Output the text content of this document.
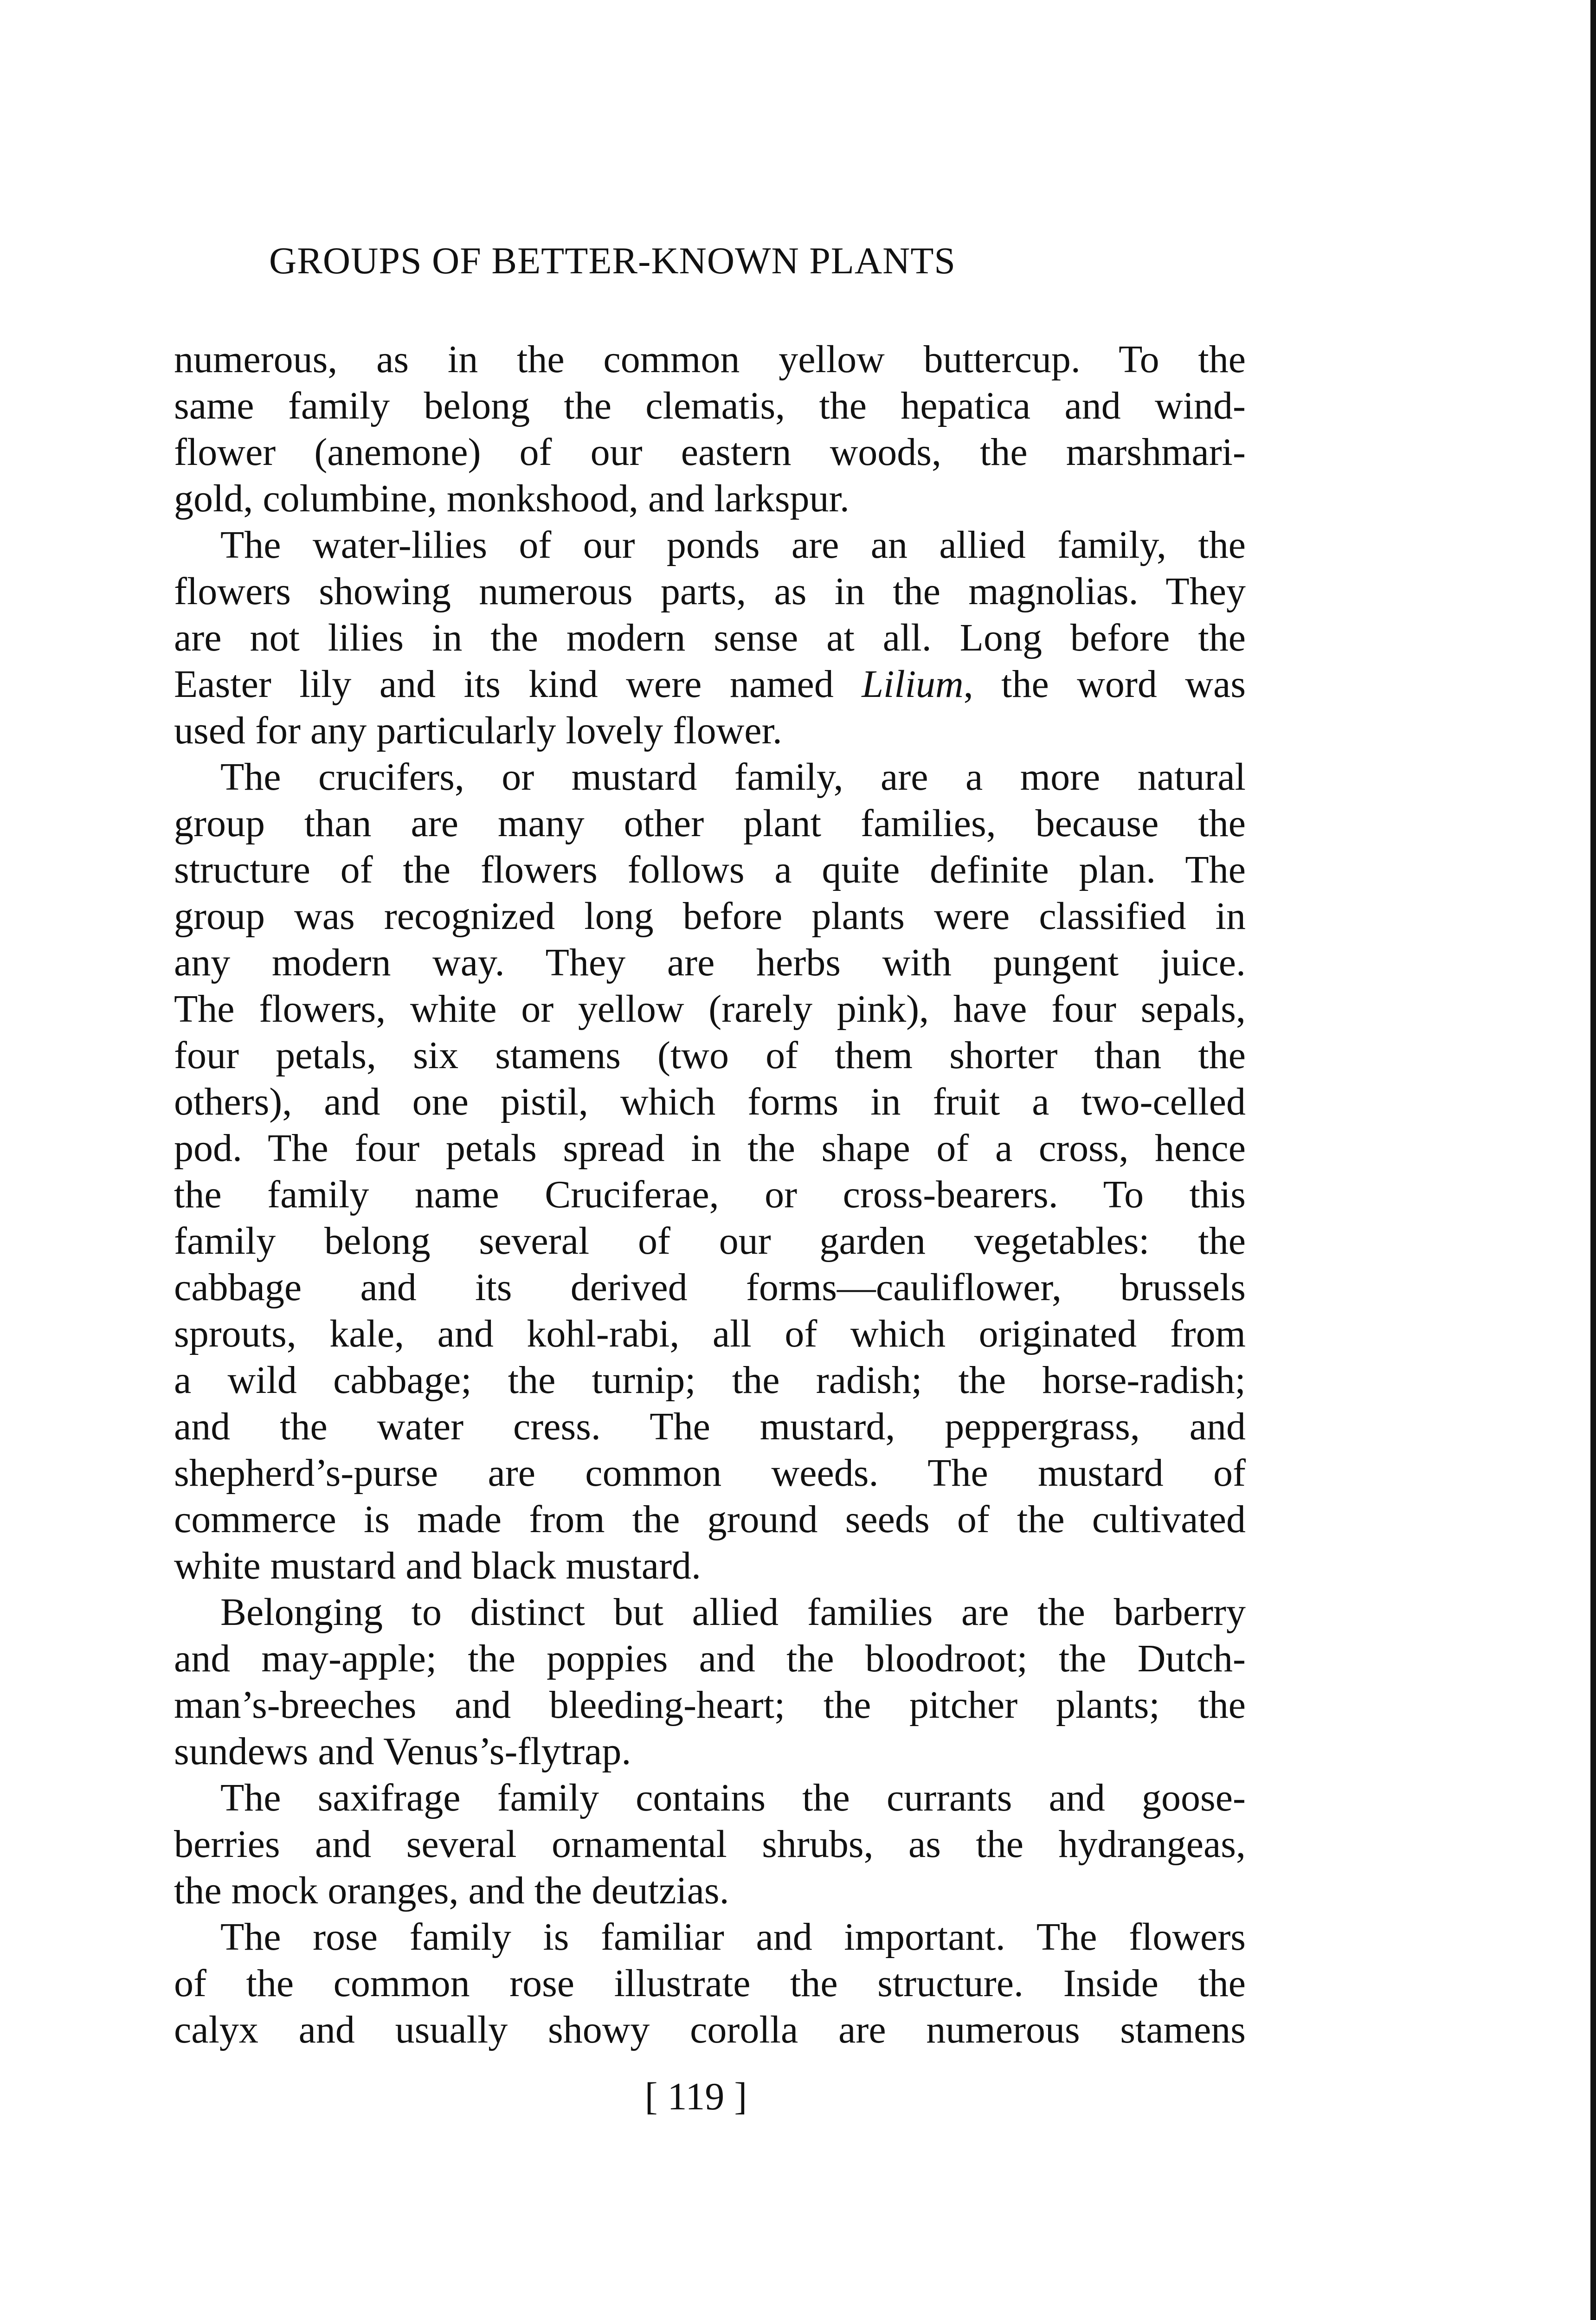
GROUPS OF BETTER-KNOWN PLANTS
numerous, as in the common yellow buttercup. To the
same family belong the clematis, the hepatica and wind-
flower (anemone) of our eastern woods, the marshmari-
gold, columbine, monkshood, and larkspur.
The water-lilies of our ponds are an allied family, the
flowers showing numerous parts, as in the magnolias. They
are not lilies in the modern sense at all. Long before the
Easter lily and its kind were named Lilium, the word was
used for any particularly lovely flower.
The crucifers, or mustard family, are a more natural
group than are many other plant families, because the
structure of the flowers follows a quite definite plan. The
group was recognized long before plants were classified in
any modern way. They are herbs with pungent juice.
The flowers, white or yellow (rarely pink), have four sepals,
four petals, six stamens (two of them shorter than the
others), and one pistil, which forms in fruit a two-celled
pod. The four petals spread in the shape of a cross, hence
the family name Cruciferae, or cross-bearers. To this
family belong several of our garden vegetables: the
cabbage and its derived forms—cauliflower, brussels
sprouts, kale, and kohl-rabi, all of which originated from
a wild cabbage; the turnip; the radish; the horse-radish;
and the water cress. The mustard, peppergrass, and
shepherd’s-purse are common weeds. The mustard of
commerce is made from the ground seeds of the cultivated
white mustard and black mustard.
Belonging to distinct but allied families are the barberry
and may-apple; the poppies and the bloodroot; the Dutch-
man’s-breeches and bleeding-heart; the pitcher plants; the
sundews and Venus’s-flytrap.
The saxifrage family contains the currants and goose-
berries and several ornamental shrubs, as the hydrangeas,
the mock oranges, and the deutzias.
The rose family is familiar and important. The flowers
of the common rose illustrate the structure. Inside the
calyx and usually showy corolla are numerous stamens
[ 119 ]
